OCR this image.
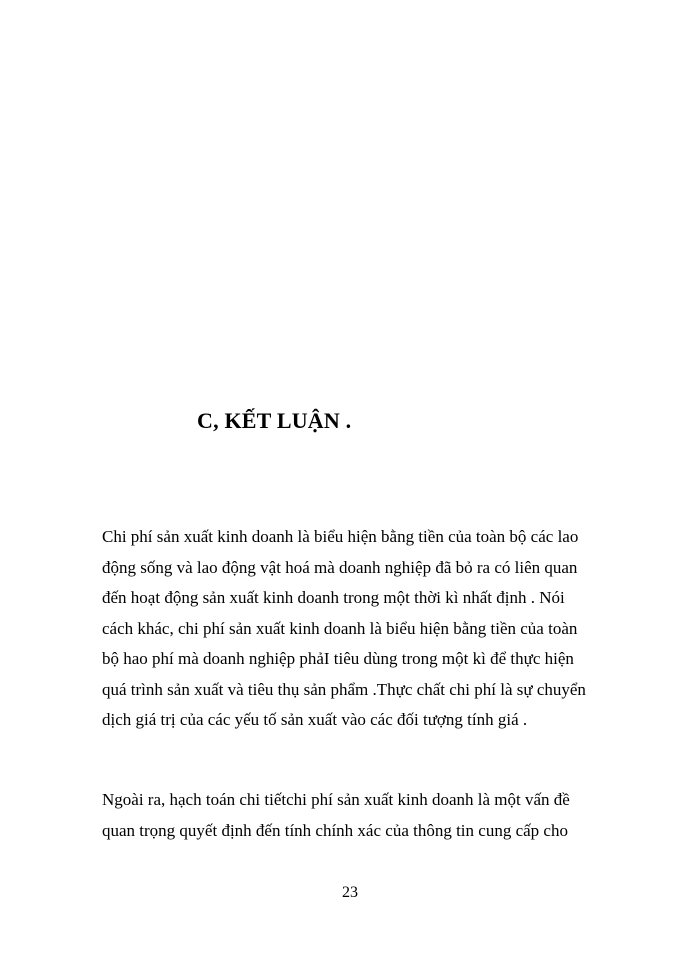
C, KẾT LUẬN .
Chi phí sản xuất kinh doanh là biểu hiện bằng tiền của toàn bộ các lao
động sống và lao động vật hoá mà doanh nghiệp đã bỏ ra có liên quan
đến hoạt động sản xuất kinh doanh trong một thời kì nhất định . Nói
cách khác, chi phí sản xuất kinh doanh là biểu hiện bằng tiền của toàn
bộ hao phí mà doanh nghiệp phảI tiêu dùng trong một kì để thực hiện
quá trình sản xuất và tiêu thụ sản phẩm .Thực chất chi phí là sự chuyển
dịch giá trị của các yếu tố sản xuất vào các đối tượng tính giá .
Ngoài ra, hạch toán chi tiếtchi phí sản xuất kinh doanh là một vấn đề
quan trọng quyết định đến tính chính xác của thông tin cung cấp cho
23
